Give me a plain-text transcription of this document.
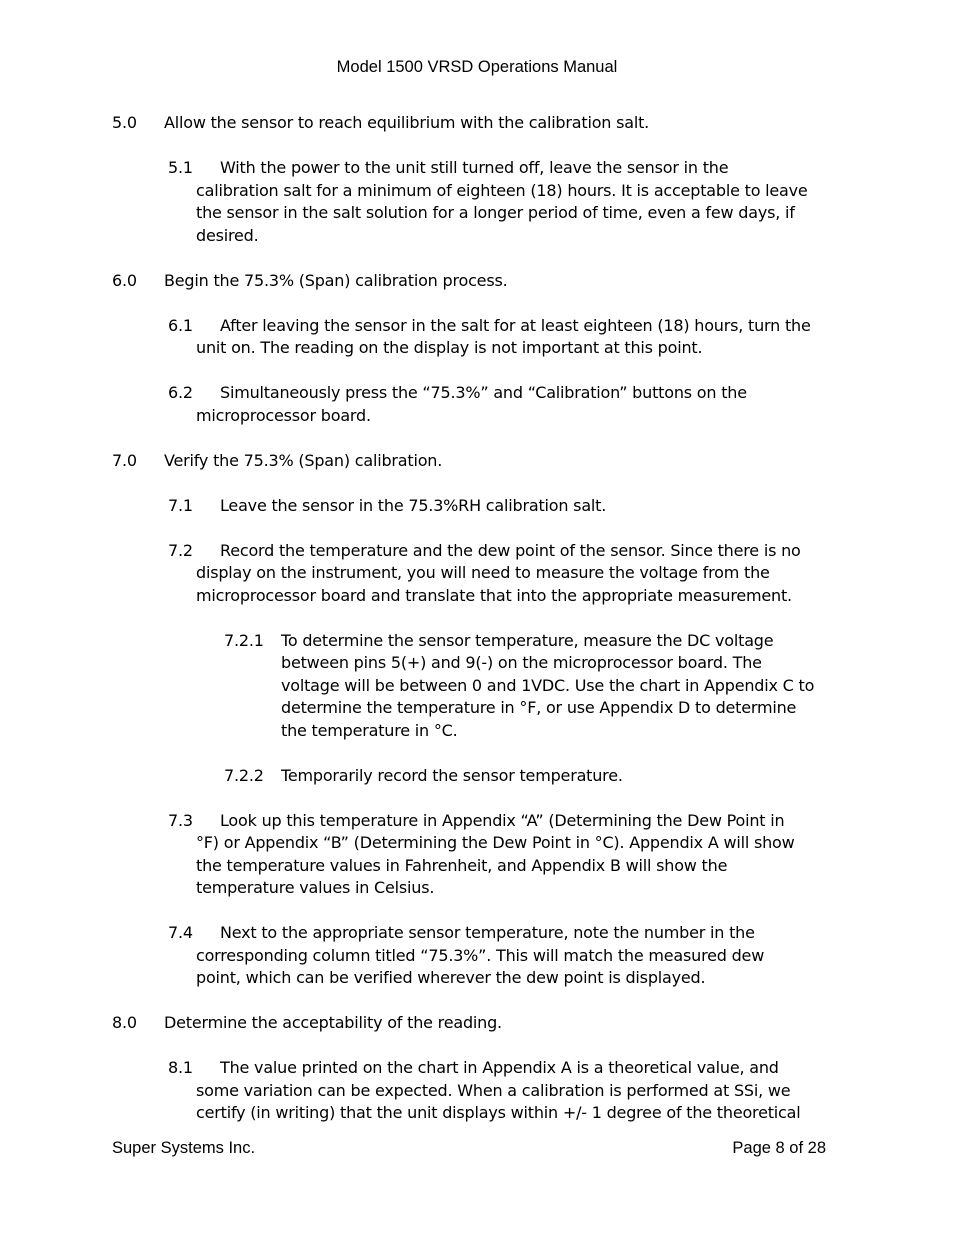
Model 1500 VRSD Operations Manual
5.0 Allow the sensor to reach equilibrium with the calibration salt.
5.1	With the power to the unit still turned off, leave the sensor in the
calibration salt for a minimum of eighteen (18) hours. It is acceptable to leave
the sensor in the salt solution for a longer period of time, even a few days, if
desired.
6.0 Begin the 75.3% (Span) calibration process.
6.1	After leaving the sensor in the salt for at least eighteen (18) hours, turn the
unit on. The reading on the display is not important at this point.
6.2	Simultaneously press the “75.3%” and “Calibration” buttons on the
microprocessor board.
7.0 Verify the 75.3% (Span) calibration.
7.1	Leave the sensor in the 75.3%RH calibration salt.
7.2	Record the temperature and the dew point of the sensor. Since there is no
display on the instrument, you will need to measure the voltage from the
microprocessor board and translate that into the appropriate measurement.
7.2.1 To determine the sensor temperature, measure the DC voltage
between pins 5(+) and 9(-) on the microprocessor board. The
voltage will be between 0 and 1VDC. Use the chart in Appendix C to
determine the temperature in °F, or use Appendix D to determine
the temperature in °C.
7.2.2 Temporarily record the sensor temperature.
7.3	Look up this temperature in Appendix “A” (Determining the Dew Point in
°F) or Appendix “B” (Determining the Dew Point in °C). Appendix A will show
the temperature values in Fahrenheit, and Appendix B will show the
temperature values in Celsius.
7.4	Next to the appropriate sensor temperature, note the number in the
corresponding column titled “75.3%”. This will match the measured dew
point, which can be verified wherever the dew point is displayed.
8.0 Determine the acceptability of the reading.
8.1	The value printed on the chart in Appendix A is a theoretical value, and
some variation can be expected. When a calibration is performed at SSi, we
certify (in writing) that the unit displays within +/- 1 degree of the theoretical
Super Systems Inc.	Page 8 of 28
